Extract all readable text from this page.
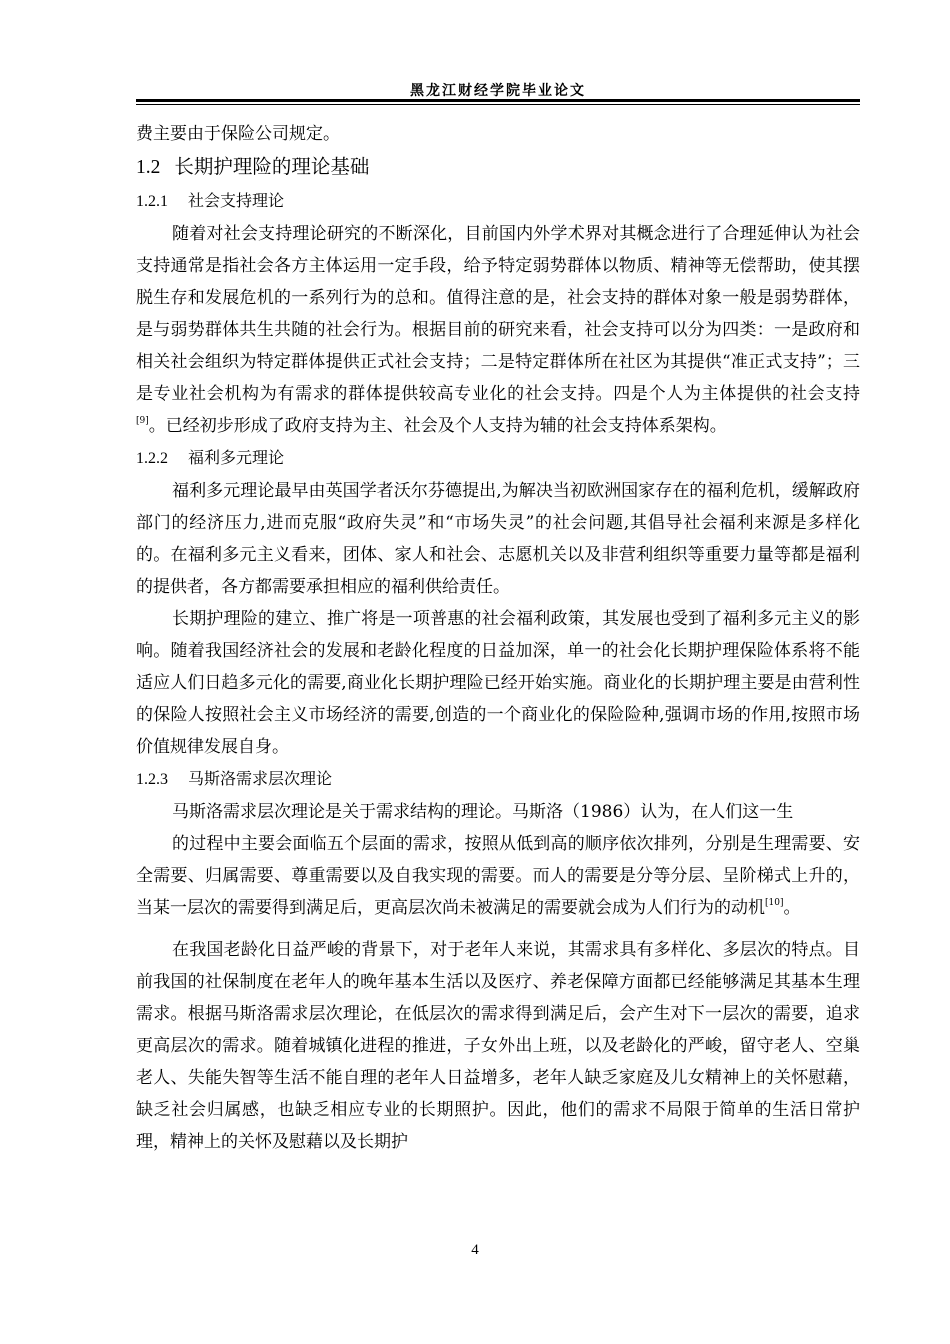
黑龙江财经学院毕业论文

费主要由于保险公司规定。

1.2 长期护理险的理论基础
1.2.1 社会支持理论

随着对社会支持理论研究的不断深化，目前国内外学术界对其概念进行了合理延伸认为社会支持通常是指社会各方主体运用一定手段，给予特定弱势群体以物质、精神等无偿帮助，使其摆脱生存和发展危机的一系列行为的总和。值得注意的是，社会支持的群体对象一般是弱势群体，是与弱势群体共生共随的社会行为。根据目前的研究来看，社会支持可以分为四类：一是政府和相关社会组织为特定群体提供正式社会支持；二是特定群体所在社区为其提供“准正式支持”；三是专业社会机构为有需求的群体提供较高专业化的社会支持。四是个人为主体提供的社会支持[9]。已经初步形成了政府支持为主、社会及个人支持为辅的社会支持体系架构。

1.2.2 福利多元理论

福利多元理论最早由英国学者沃尔芬德提出,为解决当初欧洲国家存在的福利危机，缓解政府部门的经济压力,进而克服“政府失灵”和“市场失灵”的社会问题,其倡导社会福利来源是多样化的。在福利多元主义看来，团体、家人和社会、志愿机关以及非营利组织等重要力量等都是福利的提供者，各方都需要承担相应的福利供给责任。

长期护理险的建立、推广将是一项普惠的社会福利政策，其发展也受到了福利多元主义的影响。随着我国经济社会的发展和老龄化程度的日益加深，单一的社会化长期护理保险体系将不能适应人们日趋多元化的需要,商业化长期护理险已经开始实施。商业化的长期护理主要是由营利性的保险人按照社会主义市场经济的需要,创造的一个商业化的保险险种,强调市场的作用,按照市场价值规律发展自身。

1.2.3 马斯洛需求层次理论

马斯洛需求层次理论是关于需求结构的理论。马斯洛（1986）认为，在人们这一生

的过程中主要会面临五个层面的需求，按照从低到高的顺序依次排列，分别是生理需要、安全需要、归属需要、尊重需要以及自我实现的需要。而人的需要是分等分层、呈阶梯式上升的，当某一层次的需要得到满足后，更高层次尚未被满足的需要就会成为人们行为的动机[10]。

在我国老龄化日益严峻的背景下，对于老年人来说，其需求具有多样化、多层次的特点。目前我国的社保制度在老年人的晚年基本生活以及医疗、养老保障方面都已经能够满足其基本生理需求。根据马斯洛需求层次理论，在低层次的需求得到满足后，会产生对下一层次的需要，追求更高层次的需求。随着城镇化进程的推进，子女外出上班，以及老龄化的严峻，留守老人、空巢老人、失能失智等生活不能自理的老年人日益增多，老年人缺乏家庭及儿女精神上的关怀慰藉，缺乏社会归属感，也缺乏相应专业的长期照护。因此，他们的需求不局限于简单的生活日常护理，精神上的关怀及慰藉以及长期护

4
